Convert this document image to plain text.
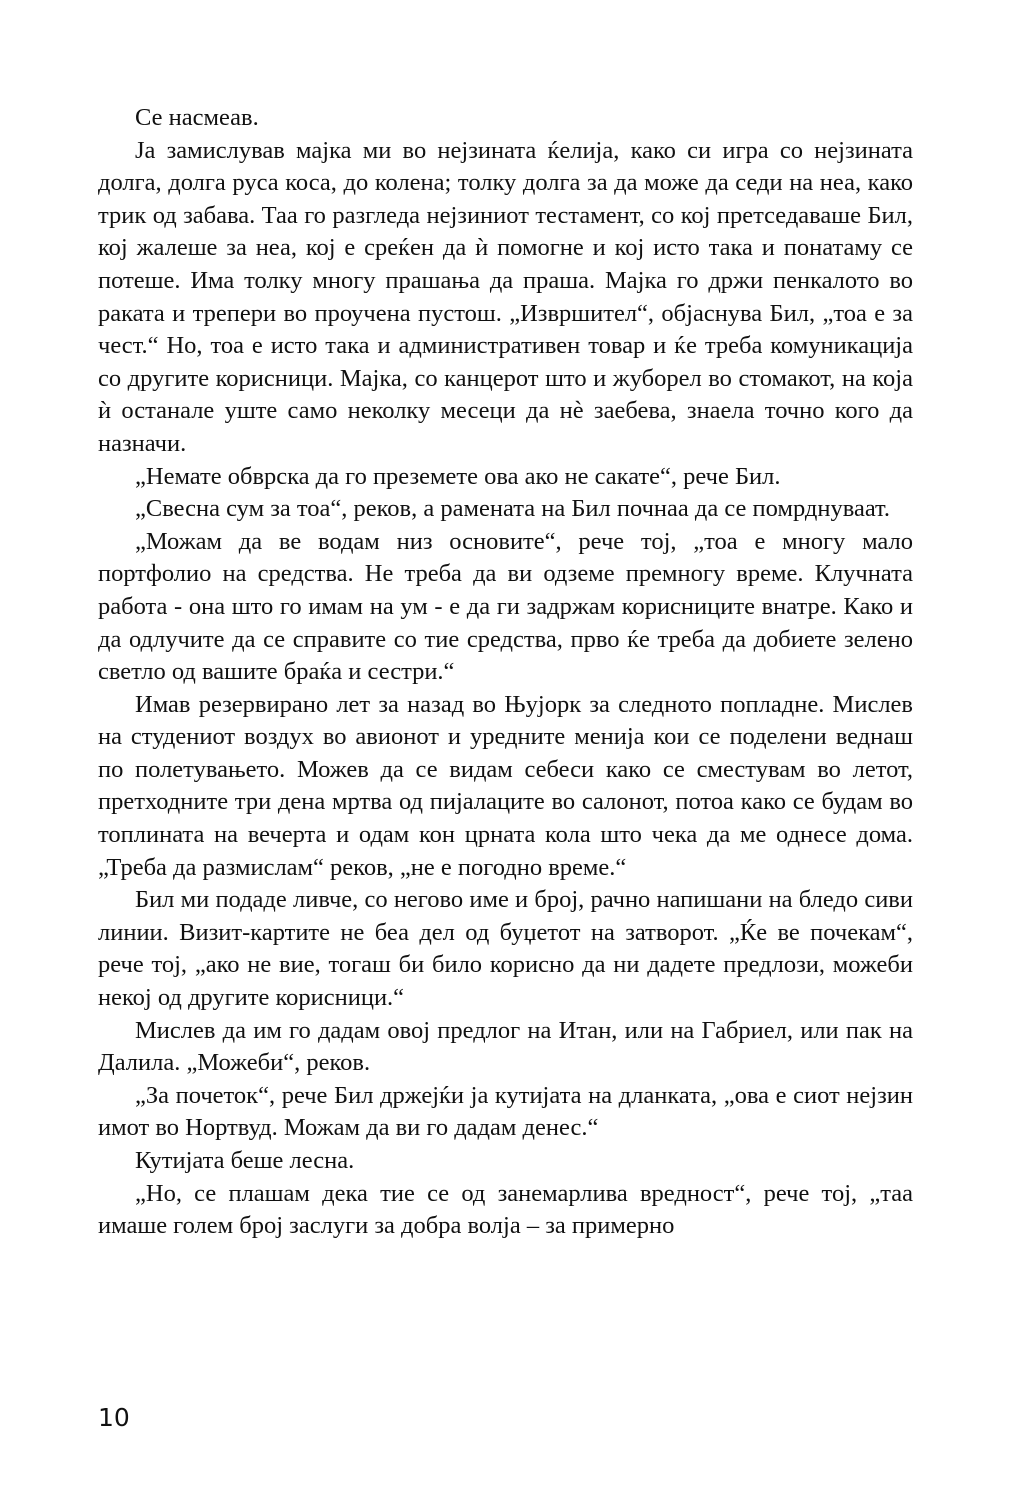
Се насмеав.

Ја замислував мајка ми во нејзината ќелија, како си игра со нејзината долга, долга руса коса, до колена; толку долга за да може да седи на неа, како трик од забава. Таа го разгледа нејзиниот тестамент, со кој претседаваше Бил, кој жалеше за неа, кој е среќен да ѝ помогне и кој исто така и понатаму се потеше. Има толку многу прашања да праша. Мајка го држи пенкалото во раката и трепери во проучена пустош. „Извршител“, објаснува Бил, „тоа е за чест.“ Но, тоа е исто така и административен товар и ќе треба комуникација со другите корисници. Мајка, со канцерот што и жуборел во стомакот, на која ѝ останале уште само неколку месеци да нè заебева, знаела точно кого да назначи.

„Немате обврска да го преземете ова ако не сакате“, рече Бил.

„Свесна сум за тоа“, реков, а рамената на Бил почнаа да се помрднуваат.

„Можам да ве водам низ основите“, рече тој, „тоа е многу мало портфолио на средства. Не треба да ви одземе премногу време. Клучната работа - она што го имам на ум - е да ги задржам корисниците внатре. Како и да одлучите да се справите со тие средства, прво ќе треба да добиете зелено светло од вашите браќа и сестри.“

Имав резервирано лет за назад во Њујорк за следното попладне. Мислев на студениот воздух во авионот и уредните менија кои се поделени веднаш по полетувањето. Можев да се видам себеси како се сместувам во летот, претходните три дена мртва од пијалаците во салонот, потоа како се будам во топлината на вечерта и одам кон црната кола што чека да ме однесе дома. „Треба да размислам“ реков, „не е погодно време.“

Бил ми подаде ливче, со негово име и број, рачно напишани на бледо сиви линии. Визит-картите не беа дел од буџетот на затворот. „Ќе ве почекам“, рече тој, „ако не вие, тогаш би било корисно да ни дадете предлози, можеби некој од другите корисници.“

Мислев да им го дадам овој предлог на Итан, или на Габриел, или пак на Далила. „Можеби“, реков.

„За почеток“, рече Бил држејќи ја кутијата на дланката, „ова е сиот нејзин имот во Нортвуд. Можам да ви го дадам денес.“

Кутијата беше лесна.

„Но, се плашам дека тие се од занемарлива вредност“, рече тој, „таа имаше голем број заслуги за добра волја – за примерно

10
